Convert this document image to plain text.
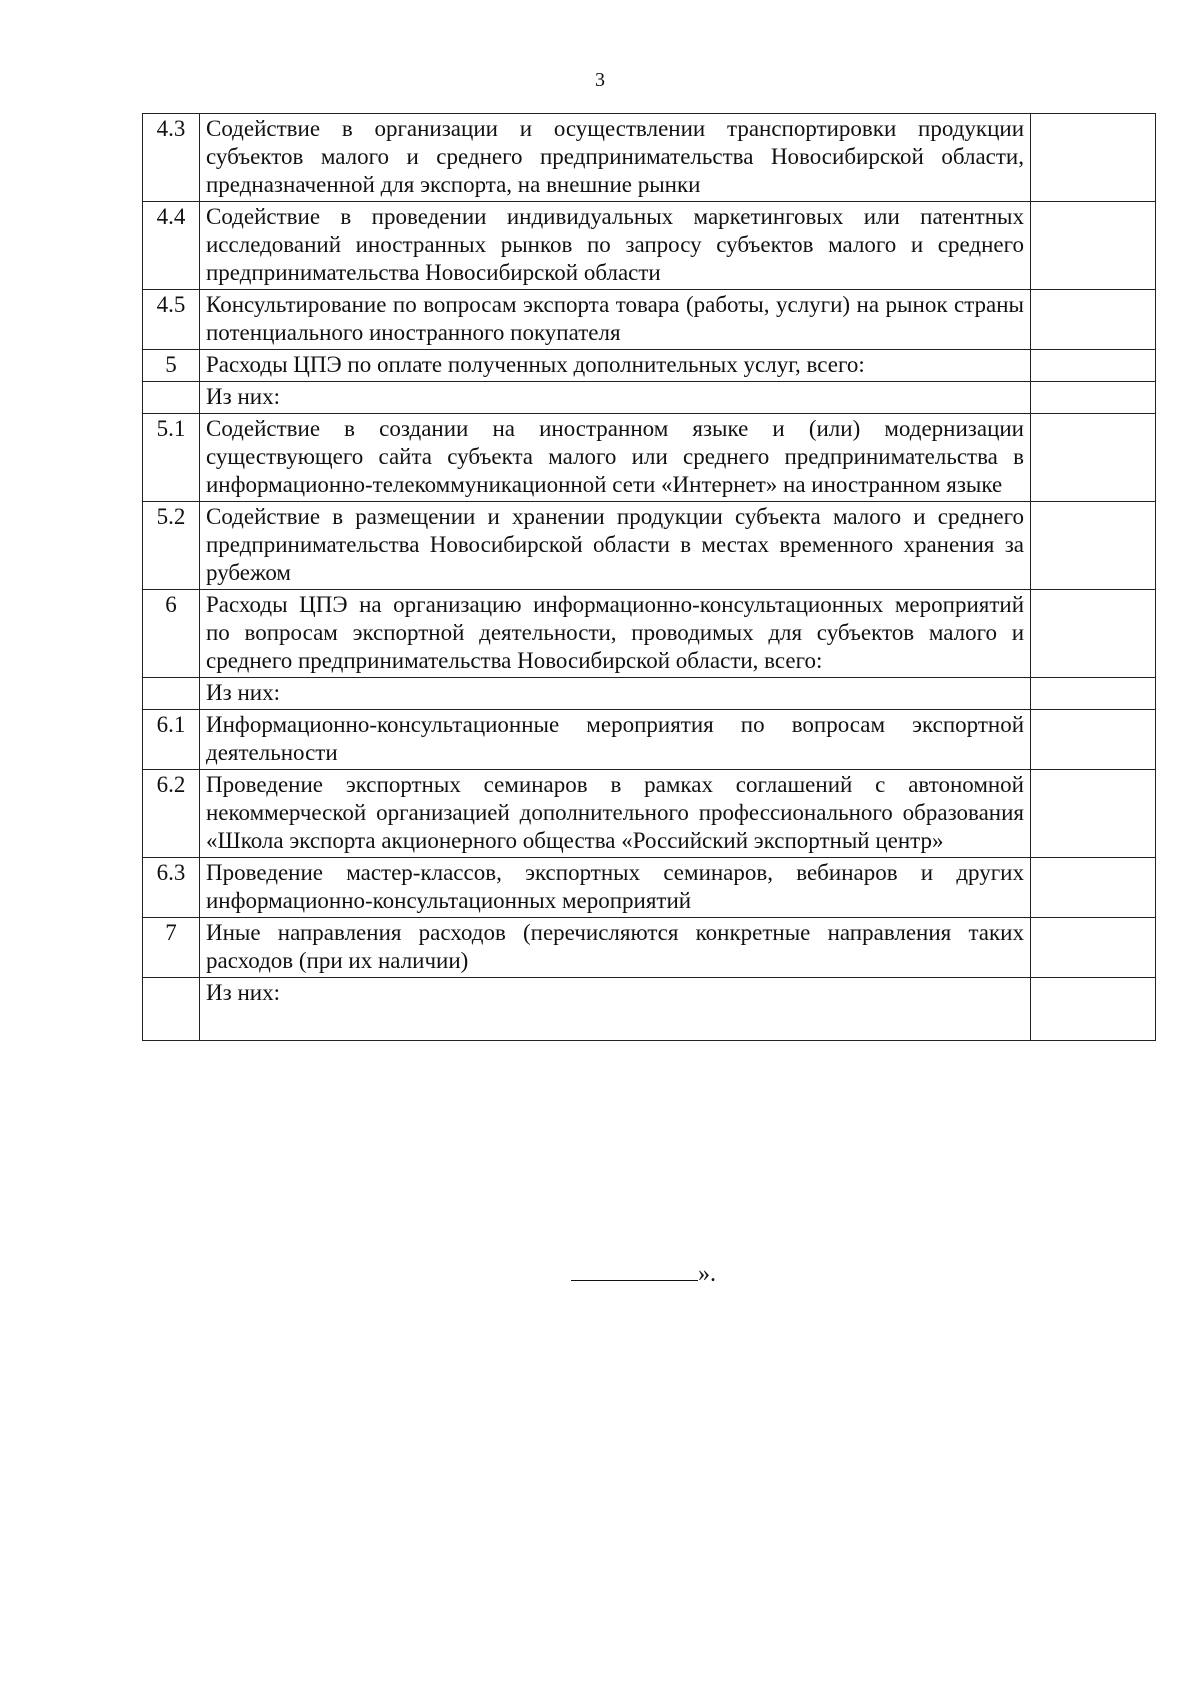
3
4.3	Содействие в организации и осуществлении транспортировки продукции субъектов малого и среднего предпринимательства Новосибирской области, предназначенной для экспорта, на внешние рынки	
4.4	Содействие в проведении индивидуальных маркетинговых или патентных исследований иностранных рынков по запросу субъектов малого и среднего предпринимательства Новосибирской области	
4.5	Консультирование по вопросам экспорта товара (работы, услуги) на рынок страны потенциального иностранного покупателя	
5	Расходы ЦПЭ по оплате полученных дополнительных услуг, всего:	
	Из них:	
5.1	Содействие в создании на иностранном языке и (или) модернизации существующего сайта субъекта малого или среднего предпринимательства в информационно-телекоммуникационной сети «Интернет» на иностранном языке	
5.2	Содействие в размещении и хранении продукции субъекта малого и среднего предпринимательства Новосибирской области в местах временного хранения за рубежом	
6	Расходы ЦПЭ на организацию информационно-консультационных мероприятий по вопросам экспортной деятельности, проводимых для субъектов малого и среднего предпринимательства Новосибирской области, всего:	
	Из них:	
6.1	Информационно-консультационные мероприятия по вопросам экспортной деятельности	
6.2	Проведение экспортных семинаров в рамках соглашений с автономной некоммерческой организацией дополнительного профессионального образования «Школа экспорта акционерного общества «Российский экспортный центр»	
6.3	Проведение мастер-классов, экспортных семинаров, вебинаров и других информационно-консультационных мероприятий	
7	Иные направления расходов (перечисляются конкретные направления таких расходов (при их наличии)	
	Из них:	
».
